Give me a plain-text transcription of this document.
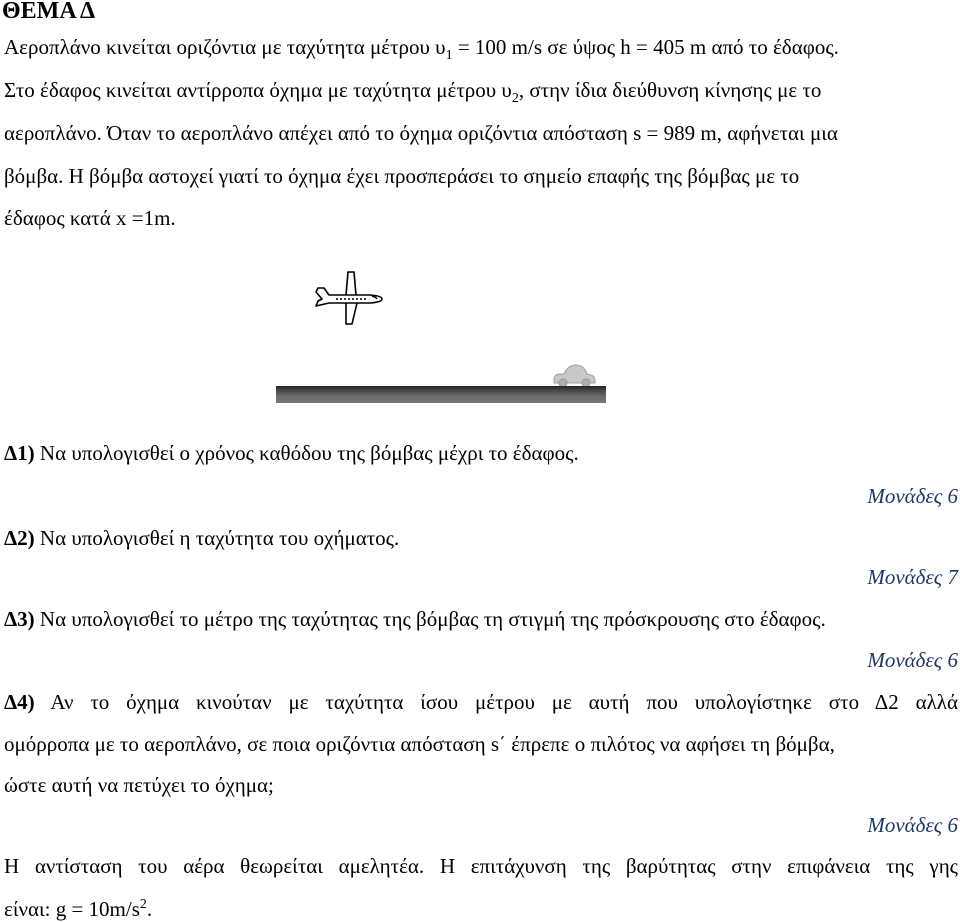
ΘΕΜΑ Δ
Αεροπλάνο κινείται οριζόντια με ταχύτητα μέτρου $\upsilon_1 = 100$ m/s σε ύψος h = 405 m από το έδαφος.
Στο έδαφος κινείται αντίρροπα όχημα με ταχύτητα μέτρου $\upsilon_2$, στην ίδια διεύθυνση κίνησης με το
αεροπλάνο. Όταν το αεροπλάνο απέχει από το όχημα οριζόντια απόσταση s = 989 m, αφήνεται μια
βόμβα. Η βόμβα αστοχεί γιατί το όχημα έχει προσπεράσει το σημείο επαφής της βόμβας με το
έδαφος κατά x =1m.
Δ1) Να υπολογισθεί ο χρόνος καθόδου της βόμβας μέχρι το έδαφος.
Μονάδες 6
Δ2) Να υπολογισθεί η ταχύτητα του οχήματος.
Μονάδες 7
Δ3) Να υπολογισθεί το μέτρο της ταχύτητας της βόμβας τη στιγμή της πρόσκρουσης στο έδαφος.
Μονάδες 6
Δ4) Αν το όχημα κινούταν με ταχύτητα ίσου μέτρου με αυτή που υπολογίστηκε στο Δ2 αλλά
ομόρροπα με το αεροπλάνο, σε ποια οριζόντια απόσταση s΄ έπρεπε ο πιλότος να αφήσει τη βόμβα,
ώστε αυτή να πετύχει το όχημα;
Μονάδες 6
Η αντίσταση του αέρα θεωρείται αμελητέα. Η επιτάχυνση της βαρύτητας στην επιφάνεια της γης
είναι: $g = 10m/s^2$.
